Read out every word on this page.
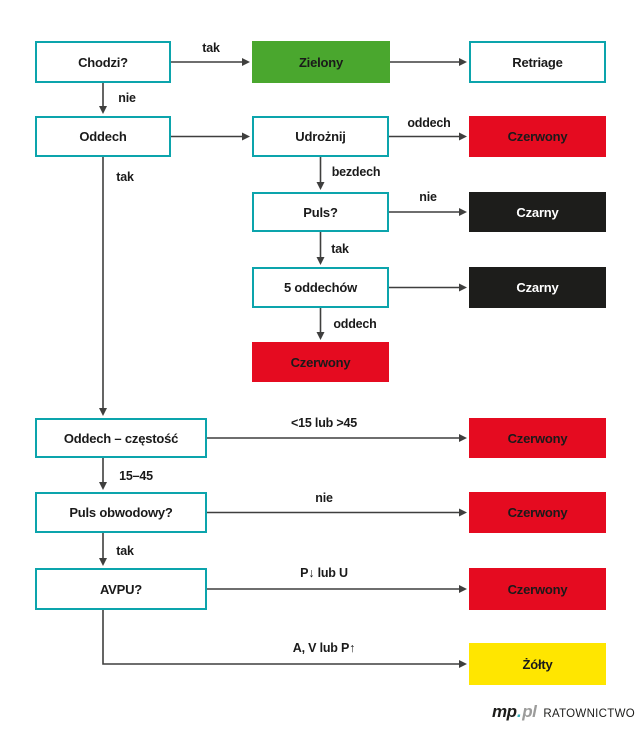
Chodzi?	Zielony	Retriage
Oddech	Udrożnij	Czerwony
Puls?	Czarny
5 oddechów	Czarny
Czerwony
Oddech – częstość	Czerwony
Puls obwodowy?	Czerwony
AVPU?	Czerwony
Żółty
tak
nie
oddech
tak	bezdech
nie
tak
oddech
<15 lub >45
15–45
nie
tak
P↓ lub U
A, V lub P↑
mp . pl RATOWNICTWO
